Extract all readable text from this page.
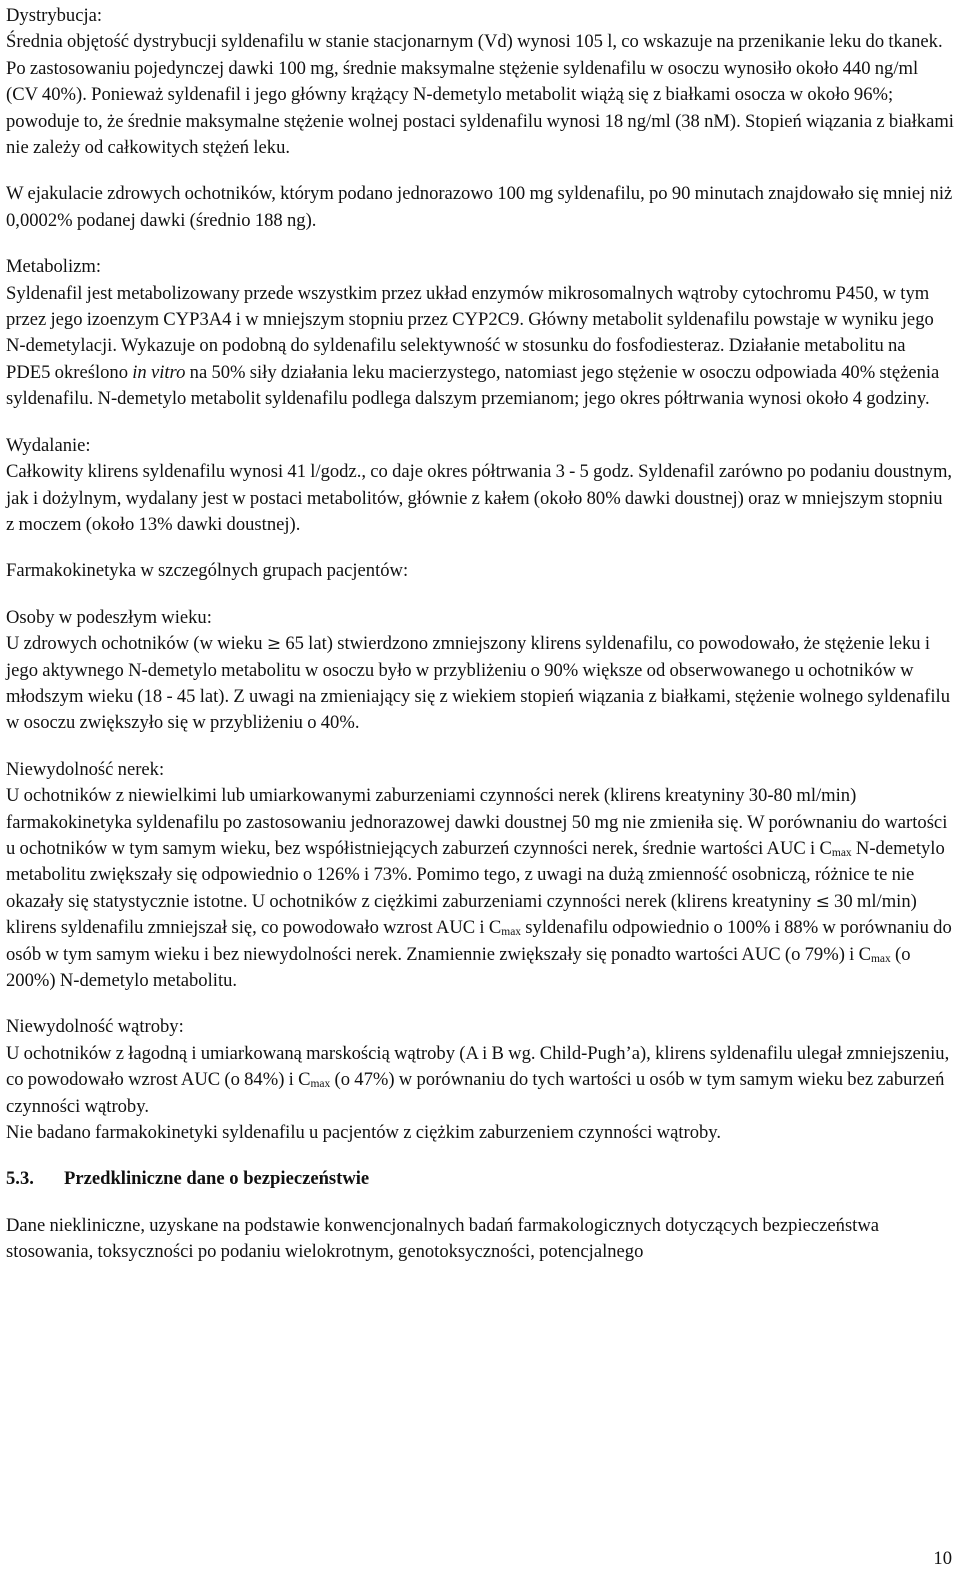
Dystrybucja:

Średnia objętość dystrybucji syldenafilu w stanie stacjonarnym (Vd) wynosi 105 l, co wskazuje na przenikanie leku do tkanek. Po zastosowaniu pojedynczej dawki 100 mg, średnie maksymalne stężenie syldenafilu w osoczu wynosiło około 440 ng/ml (CV 40%). Ponieważ syldenafil i jego główny krążący N-demetylo metabolit wiążą się z białkami osocza w około 96%; powoduje to, że średnie maksymalne stężenie wolnej postaci syldenafilu wynosi 18 ng/ml (38 nM). Stopień wiązania z białkami nie zależy od całkowitych stężeń leku.

W ejakulacie zdrowych ochotników, którym podano jednorazowo 100 mg syldenafilu, po 90 minutach znajdowało się mniej niż 0,0002% podanej dawki (średnio 188 ng).

Metabolizm:

Syldenafil jest metabolizowany przede wszystkim przez układ enzymów mikrosomalnych wątroby cytochromu P450, w tym przez jego izoenzym CYP3A4 i w mniejszym stopniu przez CYP2C9. Główny metabolit syldenafilu powstaje w wyniku jego N-demetylacji. Wykazuje on podobną do syldenafilu selektywność w stosunku do fosfodiesteraz. Działanie metabolitu na PDE5 określono in vitro na 50% siły działania leku macierzystego, natomiast jego stężenie w osoczu odpowiada 40% stężenia syldenafilu. N-demetylo metabolit syldenafilu podlega dalszym przemianom; jego okres półtrwania wynosi około 4 godziny.

Wydalanie:

Całkowity klirens syldenafilu wynosi 41 l/godz., co daje okres półtrwania 3 - 5 godz. Syldenafil zarówno po podaniu doustnym, jak i dożylnym, wydalany jest w postaci metabolitów, głównie z kałem (około 80% dawki doustnej) oraz w mniejszym stopniu z moczem (około 13% dawki doustnej).

Farmakokinetyka w szczególnych grupach pacjentów:

Osoby w podeszłym wieku:

U zdrowych ochotników (w wieku ≥ 65 lat) stwierdzono zmniejszony klirens syldenafilu, co powodowało, że stężenie leku i jego aktywnego N-demetylo metabolitu w osoczu było w przybliżeniu o 90% większe od obserwowanego u ochotników w młodszym wieku (18 - 45 lat). Z uwagi na zmieniający się z wiekiem stopień wiązania z białkami, stężenie wolnego syldenafilu w osoczu zwiększyło się w przybliżeniu o 40%.

Niewydolność nerek:

U ochotników z niewielkimi lub umiarkowanymi zaburzeniami czynności nerek (klirens kreatyniny 30-80 ml/min) farmakokinetyka syldenafilu po zastosowaniu jednorazowej dawki doustnej 50 mg nie zmieniła się. W porównaniu do wartości u ochotników w tym samym wieku, bez współistniejących zaburzeń czynności nerek, średnie wartości AUC i $C_{max}$ N-demetylo metabolitu zwiększały się odpowiednio o 126% i 73%. Pomimo tego, z uwagi na dużą zmienność osobniczą, różnice te nie okazały się statystycznie istotne. U ochotników z ciężkimi zaburzeniami czynności nerek (klirens kreatyniny ≤ 30 ml/min) klirens syldenafilu zmniejszał się, co powodowało wzrost AUC i $C_{max}$ syldenafilu odpowiednio o 100% i 88% w porównaniu do osób w tym samym wieku i bez niewydolności nerek. Znamiennie zwiększały się ponadto wartości AUC (o 79%) i $C_{max}$ (o 200%) N-demetylo metabolitu.

Niewydolność wątroby:

U ochotników z łagodną i umiarkowaną marskością wątroby (A i B wg. Child-Pugh’a), klirens syldenafilu ulegał zmniejszeniu, co powodowało wzrost AUC (o 84%) i $C_{max}$ (o 47%) w porównaniu do tych wartości u osób w tym samym wieku bez zaburzeń czynności wątroby.

Nie badano farmakokinetyki syldenafilu u pacjentów z ciężkim zaburzeniem czynności wątroby.

5.3.	Przedkliniczne dane o bezpieczeństwie

Dane niekliniczne, uzyskane na podstawie konwencjonalnych badań farmakologicznych dotyczących bezpieczeństwa stosowania, toksyczności po podaniu wielokrotnym, genotoksyczności, potencjalnego

10
